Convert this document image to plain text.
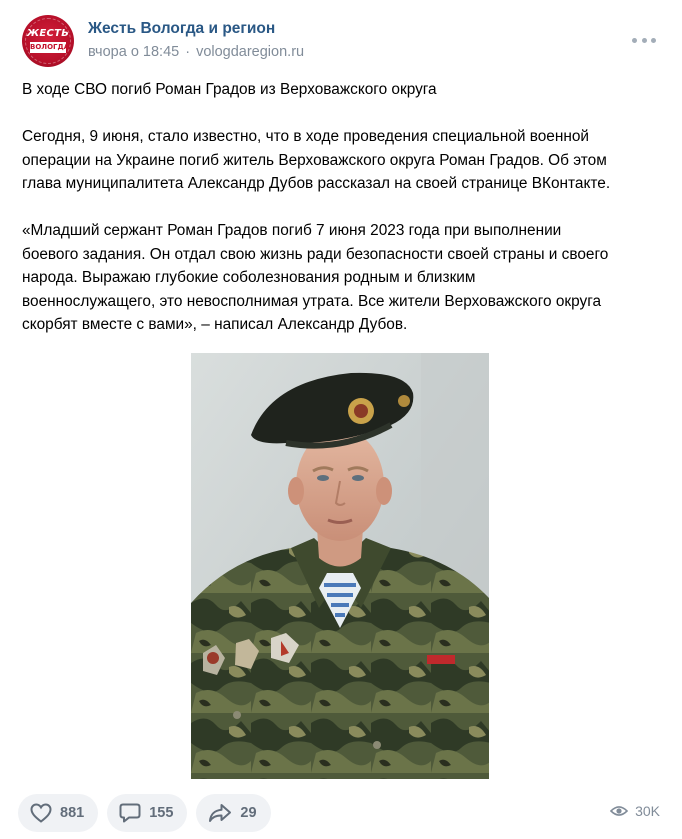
ЖЕСТЬ
ВОЛОГДА
Жесть Вологда и регион
вчора о 18:45 · vologdaregion.ru

В ходе СВО погиб Роман Градов из Верховажского округа

Сегодня, 9 июня, стало известно, что в ходе проведения специальной военной
операции на Украине погиб житель Верховажского округа Роман Градов. Об этом
глава муниципалитета Александр Дубов рассказал на своей странице ВКонтакте.

«Младший сержант Роман Градов погиб 7 июня 2023 года при выполнении
боевого задания. Он отдал свою жизнь ради безопасности своей страны и своего
народа. Выражаю глубокие соболезнования родным и близким
военнослужащего, это невосполнимая утрата. Все жители Верховажского округа
скорбят вместе с вами», – написал Александр Дубов.

881	155	29	30K
